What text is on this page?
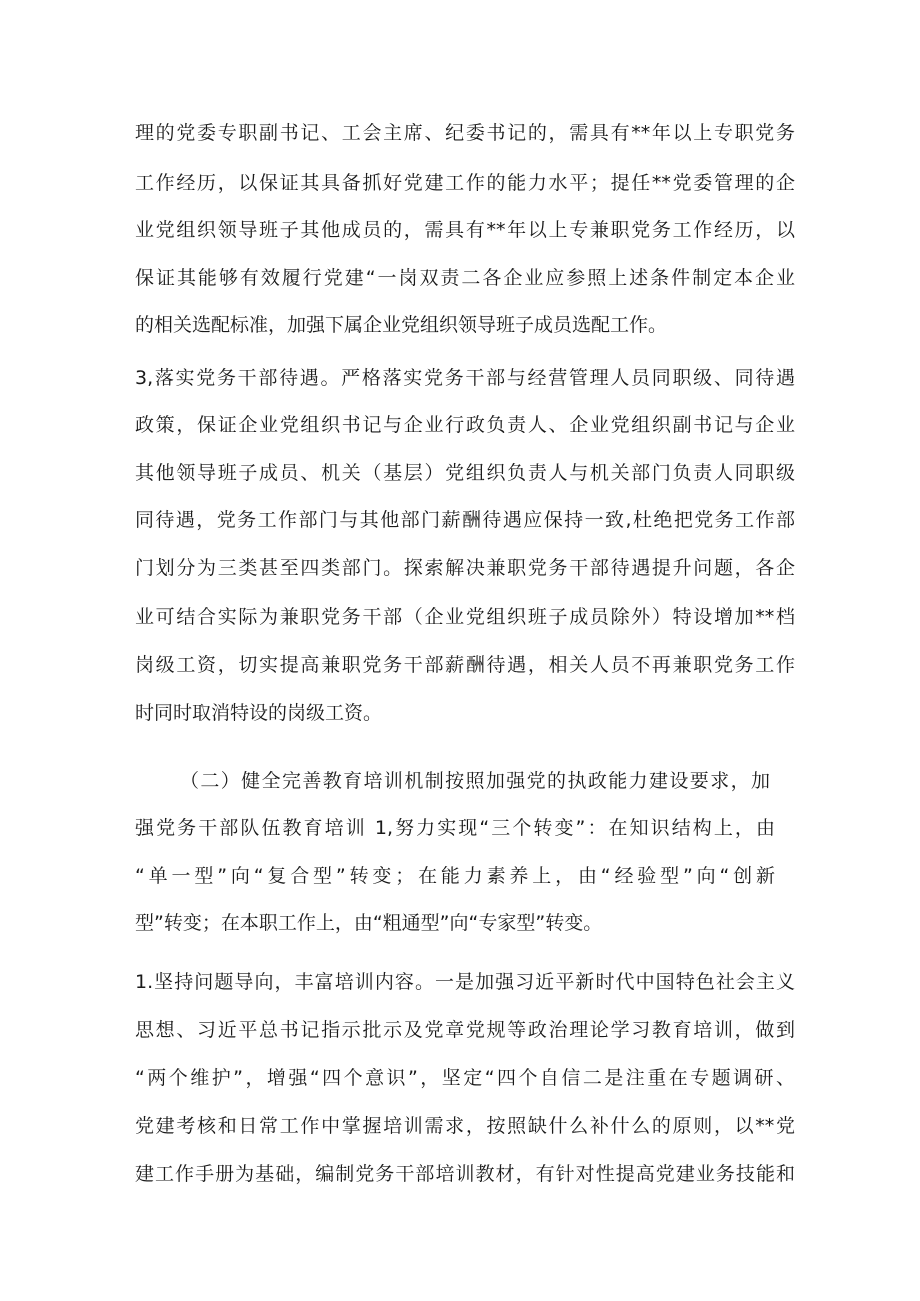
理的党委专职副书记、工会主席、纪委书记的，需具有**年以上专职党务
工作经历，以保证其具备抓好党建工作的能力水平；提任**党委管理的企
业党组织领导班子其他成员的，需具有**年以上专兼职党务工作经历，以
保证其能够有效履行党建“一岗双责二各企业应参照上述条件制定本企业
的相关选配标准，加强下属企业党组织领导班子成员选配工作。
3,落实党务干部待遇。严格落实党务干部与经营管理人员同职级、同待遇
政策，保证企业党组织书记与企业行政负责人、企业党组织副书记与企业
其他领导班子成员、机关（基层）党组织负责人与机关部门负责人同职级
同待遇，党务工作部门与其他部门薪酬待遇应保持一致,杜绝把党务工作部
门划分为三类甚至四类部门。探索解决兼职党务干部待遇提升问题，各企
业可结合实际为兼职党务干部（企业党组织班子成员除外）特设增加**档
岗级工资，切实提高兼职党务干部薪酬待遇，相关人员不再兼职党务工作
时同时取消特设的岗级工资。
（二）健全完善教育培训机制按照加强党的执政能力建设要求，加
强党务干部队伍教育培训 1,努力实现“三个转变”：在知识结构上，由
“单一型”向“复合型”转变；在能力素养上，由“经验型”向“创新
型”转变；在本职工作上，由“粗通型”向“专家型”转变。
1.坚持问题导向，丰富培训内容。一是加强习近平新时代中国特色社会主义
思想、习近平总书记指示批示及党章党规等政治理论学习教育培训，做到
“两个维护”，增强“四个意识”，坚定“四个自信二是注重在专题调研、
党建考核和日常工作中掌握培训需求，按照缺什么补什么的原则，以**党
建工作手册为基础，编制党务干部培训教材，有针对性提高党建业务技能和
